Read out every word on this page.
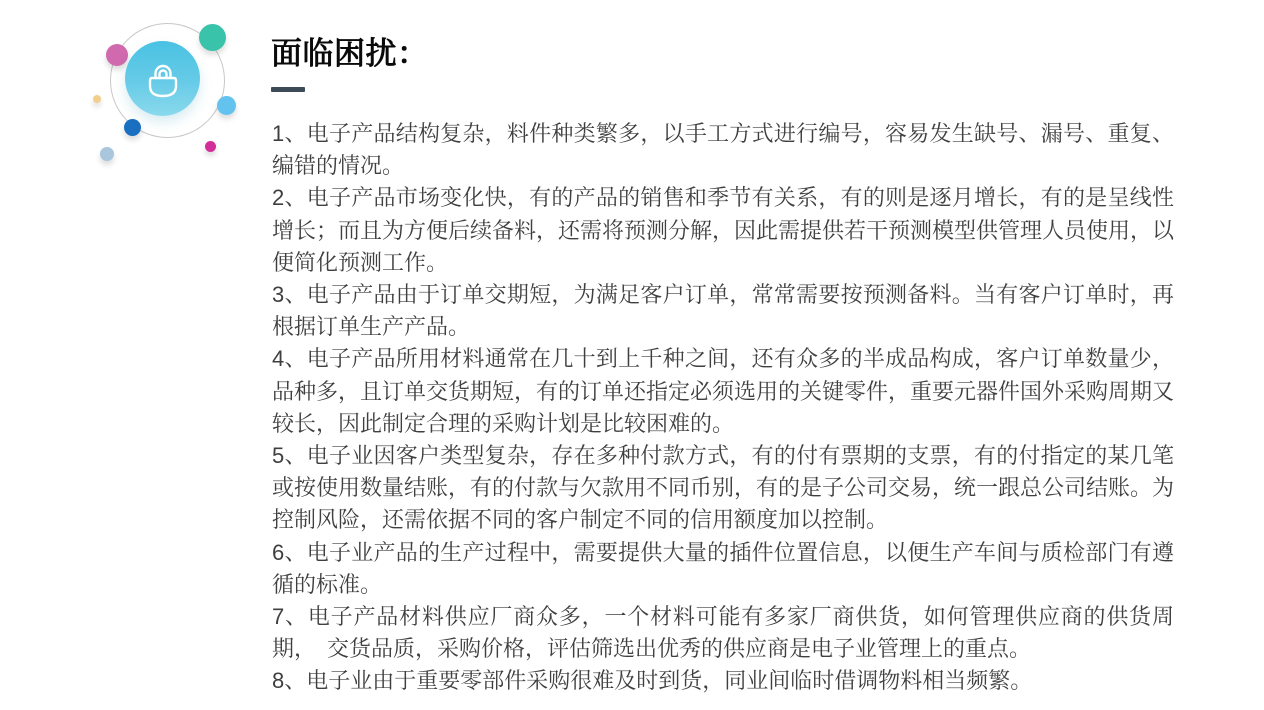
面临困扰：

1、电子产品结构复杂，料件种类繁多，以手工方式进行编号，容易发生缺号、漏号、重复、编错的情况。

2、电子产品市场变化快，有的产品的销售和季节有关系，有的则是逐月增长，有的是呈线性增长；而且为方便后续备料，还需将预测分解，因此需提供若干预测模型供管理人员使用，以便简化预测工作。

3、电子产品由于订单交期短，为满足客户订单，常常需要按预测备料。当有客户订单时，再根据订单生产产品。

4、电子产品所用材料通常在几十到上千种之间，还有众多的半成品构成，客户订单数量少，品种多，且订单交货期短，有的订单还指定必须选用的关键零件，重要元器件国外采购周期又较长，因此制定合理的采购计划是比较困难的。

5、电子业因客户类型复杂，存在多种付款方式，有的付有票期的支票，有的付指定的某几笔或按使用数量结账，有的付款与欠款用不同币别，有的是子公司交易，统一跟总公司结账。为控制风险，还需依据不同的客户制定不同的信用额度加以控制。

6、电子业产品的生产过程中，需要提供大量的插件位置信息，以便生产车间与质检部门有遵循的标准。

7、电子产品材料供应厂商众多，一个材料可能有多家厂商供货，如何管理供应商的供货周期，　交货品质，采购价格，评估筛选出优秀的供应商是电子业管理上的重点。

8、电子业由于重要零部件采购很难及时到货，同业间临时借调物料相当频繁。
